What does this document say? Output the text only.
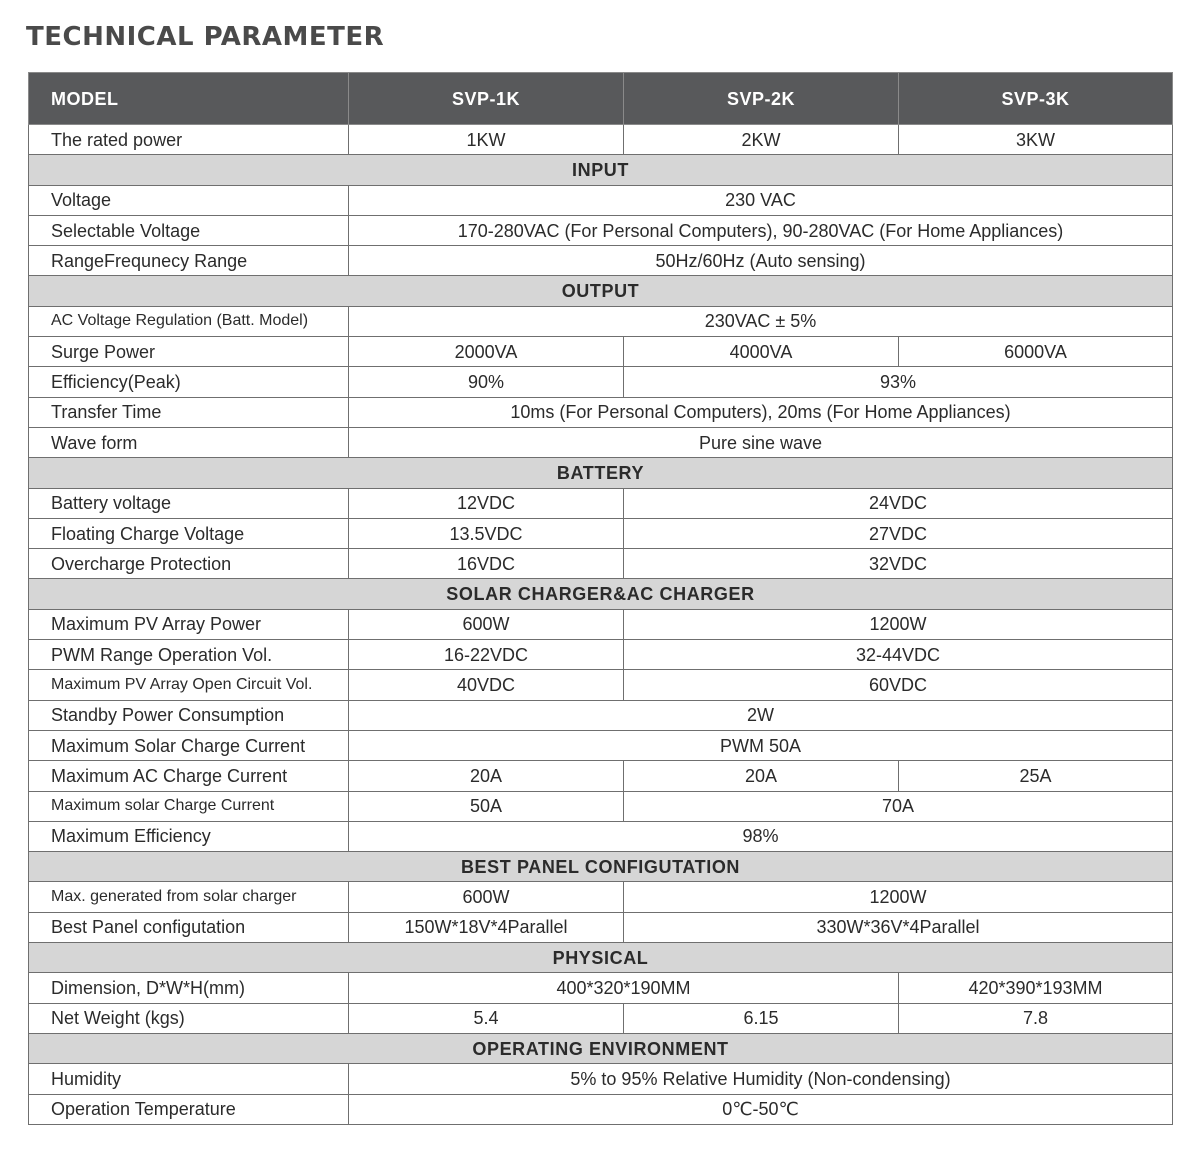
TECHNICAL PARAMETER
MODEL	SVP-1K	SVP-2K	SVP-3K
The rated power	1KW	2KW	3KW
INPUT			
Voltage	230 VAC		
Selectable Voltage	170-280VAC (For Personal Computers), 90-280VAC (For Home Appliances)		
RangeFrequnecy Range	50Hz/60Hz (Auto sensing)		
OUTPUT			
AC Voltage Regulation (Batt. Model)	230VAC ± 5%		
Surge Power	2000VA	4000VA	6000VA
Efficiency(Peak)	90%	93%	
Transfer Time	10ms (For Personal Computers), 20ms (For Home Appliances)		
Wave form	Pure sine wave		
BATTERY			
Battery voltage	12VDC	24VDC	
Floating Charge Voltage	13.5VDC	27VDC	
Overcharge Protection	16VDC	32VDC	
SOLAR CHARGER&AC CHARGER			
Maximum PV Array Power	600W	1200W	
PWM Range Operation Vol.	16-22VDC	32-44VDC	
Maximum PV Array Open Circuit Vol.	40VDC	60VDC	
Standby Power Consumption	2W		
Maximum Solar Charge Current	PWM 50A		
Maximum AC Charge Current	20A	20A	25A
Maximum solar Charge Current	50A	70A	
Maximum Efficiency	98%		
BEST PANEL CONFIGUTATION			
Max. generated from solar charger	600W	1200W	
Best Panel configutation	150W*18V*4Parallel	330W*36V*4Parallel	
PHYSICAL			
Dimension, D*W*H(mm)	400*320*190MM		420*390*193MM
Net Weight (kgs)	5.4	6.15	7.8
OPERATING ENVIRONMENT			
Humidity	5% to 95% Relative Humidity (Non-condensing)		
Operation Temperature	0℃-50℃		
